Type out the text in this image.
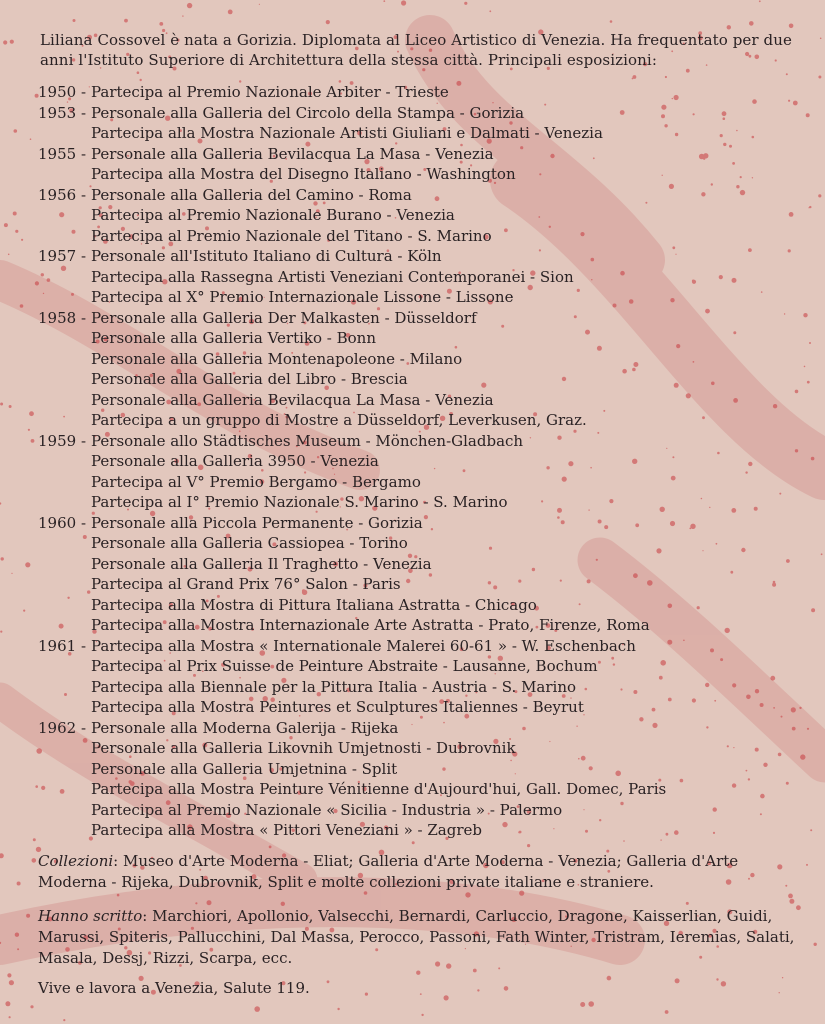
Liliana Cossovel è nata a Gorizia. Diplomata al Liceo Artistico di Venezia. Ha frequentato per due anni l'Istituto Superiore di Architettura della stessa città. Principali esposizioni:
1950 - Partecipa al Premio Nazionale Arbiter - Trieste
1953 - Personale alla Galleria del Circolo della Stampa - Gorizia
Partecipa alla Mostra Nazionale Artisti Giuliani e Dalmati - Venezia
1955 - Personale alla Galleria Bevilacqua La Masa - Venezia
Partecipa alla Mostra del Disegno Italiano - Washington
1956 - Personale alla Galleria del Camino - Roma
Partecipa al Premio Nazionale Burano - Venezia
Partecipa al Premio Nazionale del Titano - S. Marino
1957 - Personale all'Istituto Italiano di Cultura - Köln
Partecipa alla Rassegna Artisti Veneziani Contemporanei - Sion
Partecipa al X° Premio Internazionale Lissone - Lissone
1958 - Personale alla Galleria Der Malkasten - Düsseldorf
Personale alla Galleria Vertiko - Bonn
Personale alla Galleria Montenapoleone - Milano
Personale alla Galleria del Libro - Brescia
Personale alla Galleria Bevilacqua La Masa - Venezia
Partecipa a un gruppo di Mostre a Düsseldorf, Leverkusen, Graz.
1959 - Personale allo Städtisches Museum - Mönchen-Gladbach
Personale alla Galleria 3950 - Venezia
Partecipa al V° Premio Bergamo - Bergamo
Partecipa al I° Premio Nazionale S. Marino - S. Marino
1960 - Personale alla Piccola Permanente - Gorizia
Personale alla Galleria Cassiopea - Torino
Personale alla Galleria Il Traghetto - Venezia
Partecipa al Grand Prix 76° Salon - Paris
Partecipa alla Mostra di Pittura Italiana Astratta - Chicago
Partecipa alla Mostra Internazionale Arte Astratta - Prato, Firenze, Roma
1961 - Partecipa alla Mostra « Internationale Malerei 60-61 » - W. Eschenbach
Partecipa al Prix Suisse de Peinture Abstraite - Lausanne, Bochum
Partecipa alla Biennale per la Pittura Italia - Austria - S. Marino
Partecipa alla Mostra Peintures et Sculptures Italiennes - Beyrut
1962 - Personale alla Moderna Galerija - Rijeka
Personale alla Galleria Likovnih Umjetnosti - Dubrovnik
Personale alla Galleria Umjetnina - Split
Partecipa alla Mostra Peinture Vénitienne d'Aujourd'hui, Gall. Domec, Paris
Partecipa al Premio Nazionale « Sicilia - Industria » - Palermo
Partecipa alla Mostra « Pittori Veneziani » - Zagreb
Collezioni: Museo d'Arte Moderna - Eliat; Galleria d'Arte Moderna - Venezia; Galleria d'Arte Moderna - Rijeka, Dubrovnik, Split e molte collezioni private italiane e straniere.
Hanno scritto: Marchiori, Apollonio, Valsecchi, Bernardi, Carluccio, Dragone, Kaisserlian, Guidi, Marussi, Spiteris, Pallucchini, Dal Massa, Perocco, Passoni, Fath Winter, Tristram, Ieremias, Salati, Masala, Dessj, Rizzi, Scarpa, ecc.
Vive e lavora a Venezia, Salute 119.
